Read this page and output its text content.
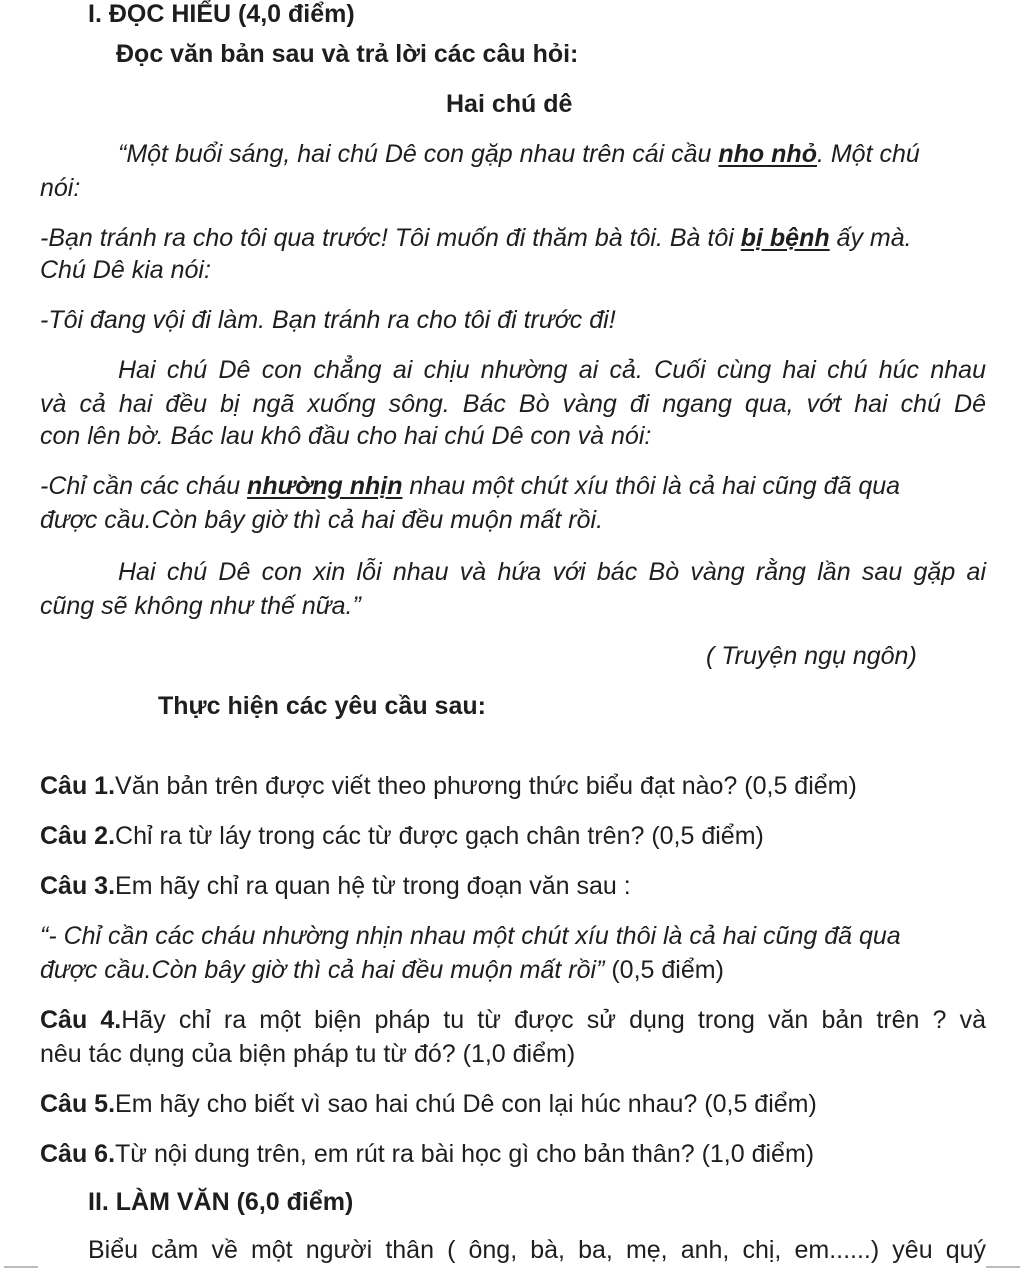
I. ĐỌC HIỂU (4,0 điểm)
Đọc văn bản sau và trả lời các câu hỏi:
Hai chú dê
“Một buổi sáng, hai chú Dê con gặp nhau trên cái cầu nho nhỏ. Một chú
nói:
-Bạn tránh ra cho tôi qua trước! Tôi muốn đi thăm bà tôi. Bà tôi bị bệnh ấy mà.
Chú Dê kia nói:
-Tôi đang vội đi làm. Bạn tránh ra cho tôi đi trước đi!
Hai chú Dê con chẳng ai chịu nhường ai cả. Cuối cùng hai chú húc nhau
và cả hai đều bị ngã xuống sông. Bác Bò vàng đi ngang qua, vớt hai chú Dê
con lên bờ. Bác lau khô đầu cho hai chú Dê con và nói:
-Chỉ cần các cháu nhường nhịn nhau một chút xíu thôi là cả hai cũng đã qua
được cầu.Còn bây giờ thì cả hai đều muộn mất rồi.
Hai chú Dê con xin lỗi nhau và hứa với bác Bò vàng rằng lần sau gặp ai
cũng sẽ không như thế nữa.”
( Truyện ngụ ngôn)
Thực hiện các yêu cầu sau:
Câu 1.Văn bản trên được viết theo phương thức biểu đạt nào? (0,5 điểm)
Câu 2.Chỉ ra từ láy trong các từ được gạch chân trên? (0,5 điểm)
Câu 3.Em hãy chỉ ra quan hệ từ trong đoạn văn sau :
“- Chỉ cần các cháu nhường nhịn nhau một chút xíu thôi là cả hai cũng đã qua
được cầu.Còn bây giờ thì cả hai đều muộn mất rồi” (0,5 điểm)
Câu 4.Hãy chỉ ra một biện pháp tu từ được sử dụng trong văn bản trên ? và
nêu tác dụng của biện pháp tu từ đó? (1,0 điểm)
Câu 5.Em hãy cho biết vì sao hai chú Dê con lại húc nhau? (0,5 điểm)
Câu 6.Từ nội dung trên, em rút ra bài học gì cho bản thân? (1,0 điểm)
II. LÀM VĂN (6,0 điểm)
Biểu cảm về một người thân ( ông, bà, ba, mẹ, anh, chị, em......) yêu quý
